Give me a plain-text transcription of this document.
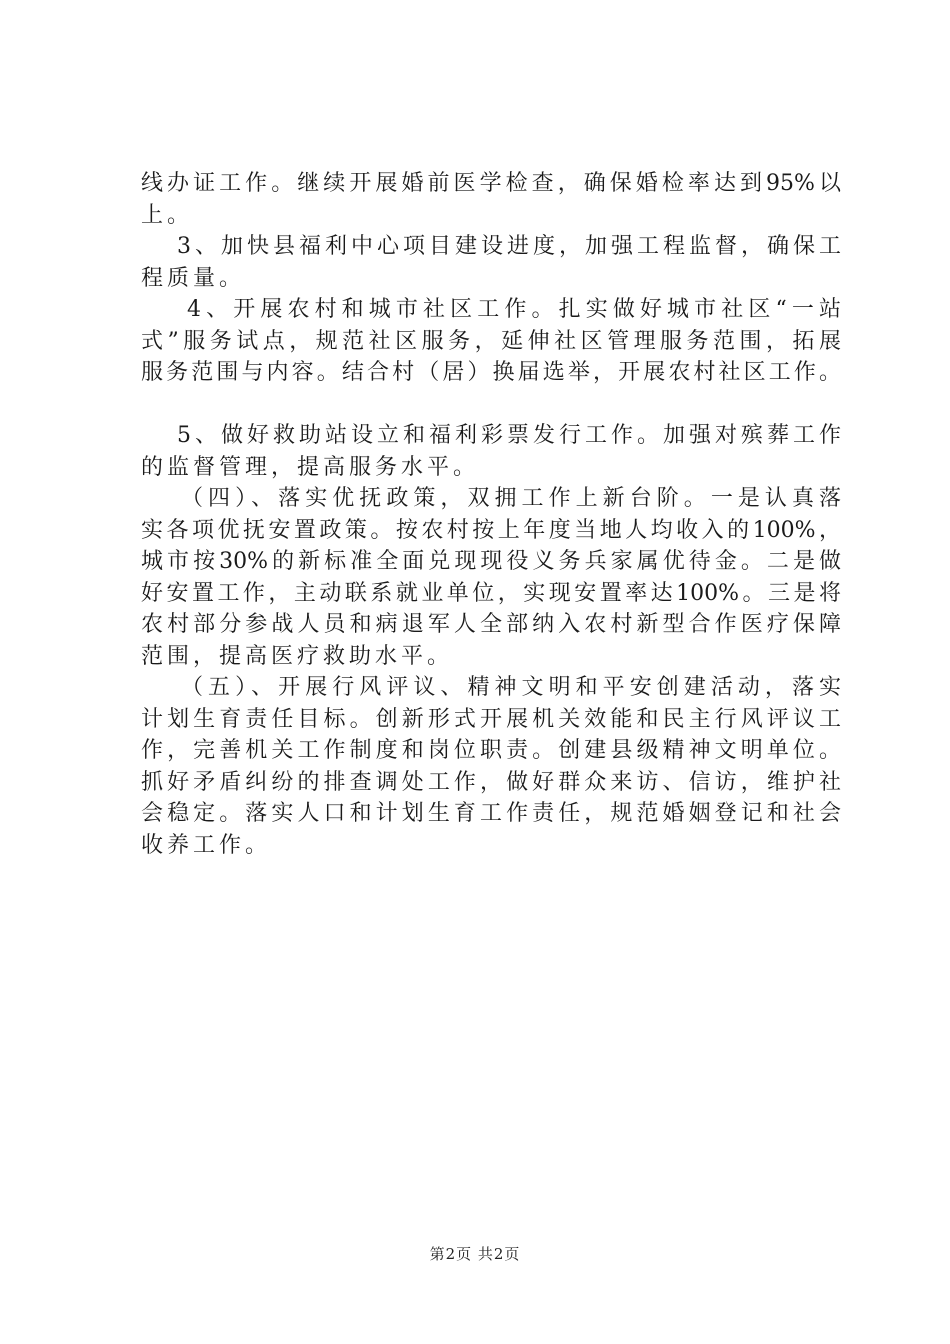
线办证工作。继续开展婚前医学检查，确保婚检率达到95%以
上。
3、加快县福利中心项目建设进度，加强工程监督，确保工
程质量。
4、开展农村和城市社区工作。扎实做好城市社区“一站
式”服务试点，规范社区服务，延伸社区管理服务范围，拓展
服务范围与内容。结合村（居）换届选举，开展农村社区工作。
5、做好救助站设立和福利彩票发行工作。加强对殡葬工作
的监督管理，提高服务水平。
（四）、落实优抚政策，双拥工作上新台阶。一是认真落
实各项优抚安置政策。按农村按上年度当地人均收入的100%，
城市按30%的新标准全面兑现现役义务兵家属优待金。二是做
好安置工作，主动联系就业单位，实现安置率达100%。三是将
农村部分参战人员和病退军人全部纳入农村新型合作医疗保障
范围，提高医疗救助水平。
（五）、开展行风评议、精神文明和平安创建活动，落实
计划生育责任目标。创新形式开展机关效能和民主行风评议工
作，完善机关工作制度和岗位职责。创建县级精神文明单位。
抓好矛盾纠纷的排查调处工作，做好群众来访、信访，维护社
会稳定。落实人口和计划生育工作责任，规范婚姻登记和社会
收养工作。
第2页 共2页
